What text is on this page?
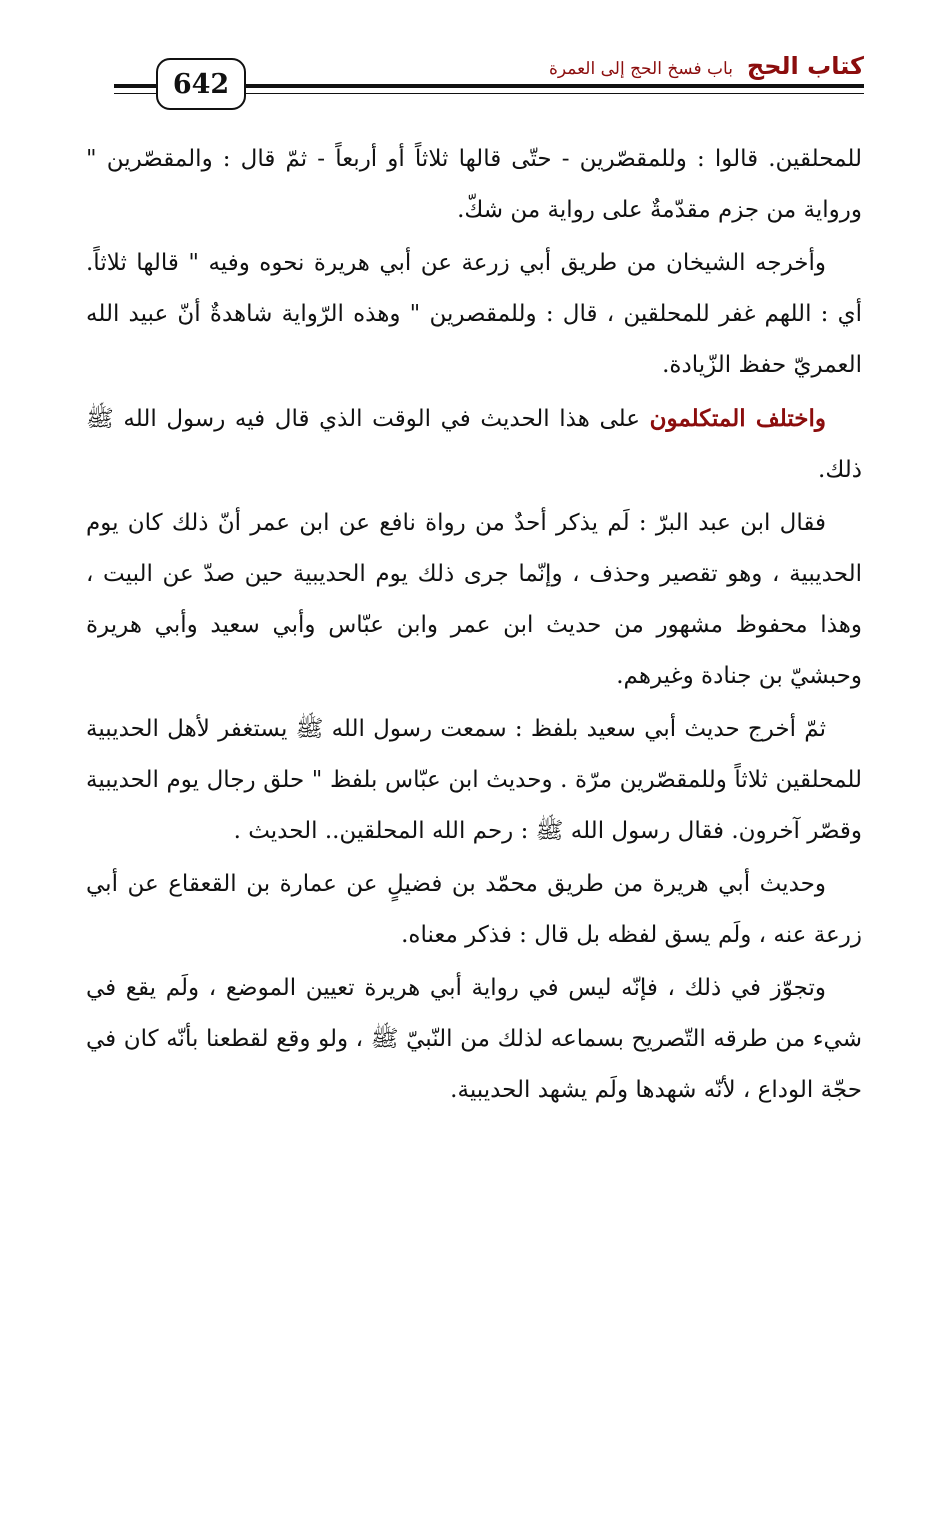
كتاب الحج
باب فسخ الحج إلى العمرة
642

للمحلقين. قالوا : وللمقصّرين - حتّى قالها ثلاثاً أو أربعاً - ثمّ قال : والمقصّرين " ورواية من جزم مقدّمةٌ على رواية من شكّ.

وأخرجه الشيخان من طريق أبي زرعة عن أبي هريرة نحوه وفيه " قالها ثلاثاً. أي : اللهم غفر للمحلقين ، قال : وللمقصرين " وهذه الرّواية شاهدةٌ أنّ عبيد الله العمريّ حفظ الزّيادة.

واختلف المتكلمون على هذا الحديث في الوقت الذي قال فيه رسول الله ﷺ ذلك.

فقال ابن عبد البرّ : لَم يذكر أحدٌ من رواة نافع عن ابن عمر أنّ ذلك كان يوم الحديبية ، وهو تقصير وحذف ، وإنّما جرى ذلك يوم الحديبية حين صدّ عن البيت ، وهذا محفوظ مشهور من حديث ابن عمر وابن عبّاس وأبي سعيد وأبي هريرة وحبشيّ بن جنادة وغيرهم.

ثمّ أخرج حديث أبي سعيد بلفظ : سمعت رسول الله ﷺ يستغفر لأهل الحديبية للمحلقين ثلاثاً وللمقصّرين مرّة . وحديث ابن عبّاس بلفظ " حلق رجال يوم الحديبية وقصّر آخرون. فقال رسول الله ﷺ : رحم الله المحلقين.. الحديث .

وحديث أبي هريرة من طريق محمّد بن فضيلٍ عن عمارة بن القعقاع عن أبي زرعة عنه ، ولَم يسق لفظه بل قال : فذكر معناه.

وتجوّز في ذلك ، فإنّه ليس في رواية أبي هريرة تعيين الموضع ، ولَم يقع في شيء من طرقه التّصريح بسماعه لذلك من النّبيّ ﷺ ، ولو وقع لقطعنا بأنّه كان في حجّة الوداع ، لأنّه شهدها ولَم يشهد الحديبية.
